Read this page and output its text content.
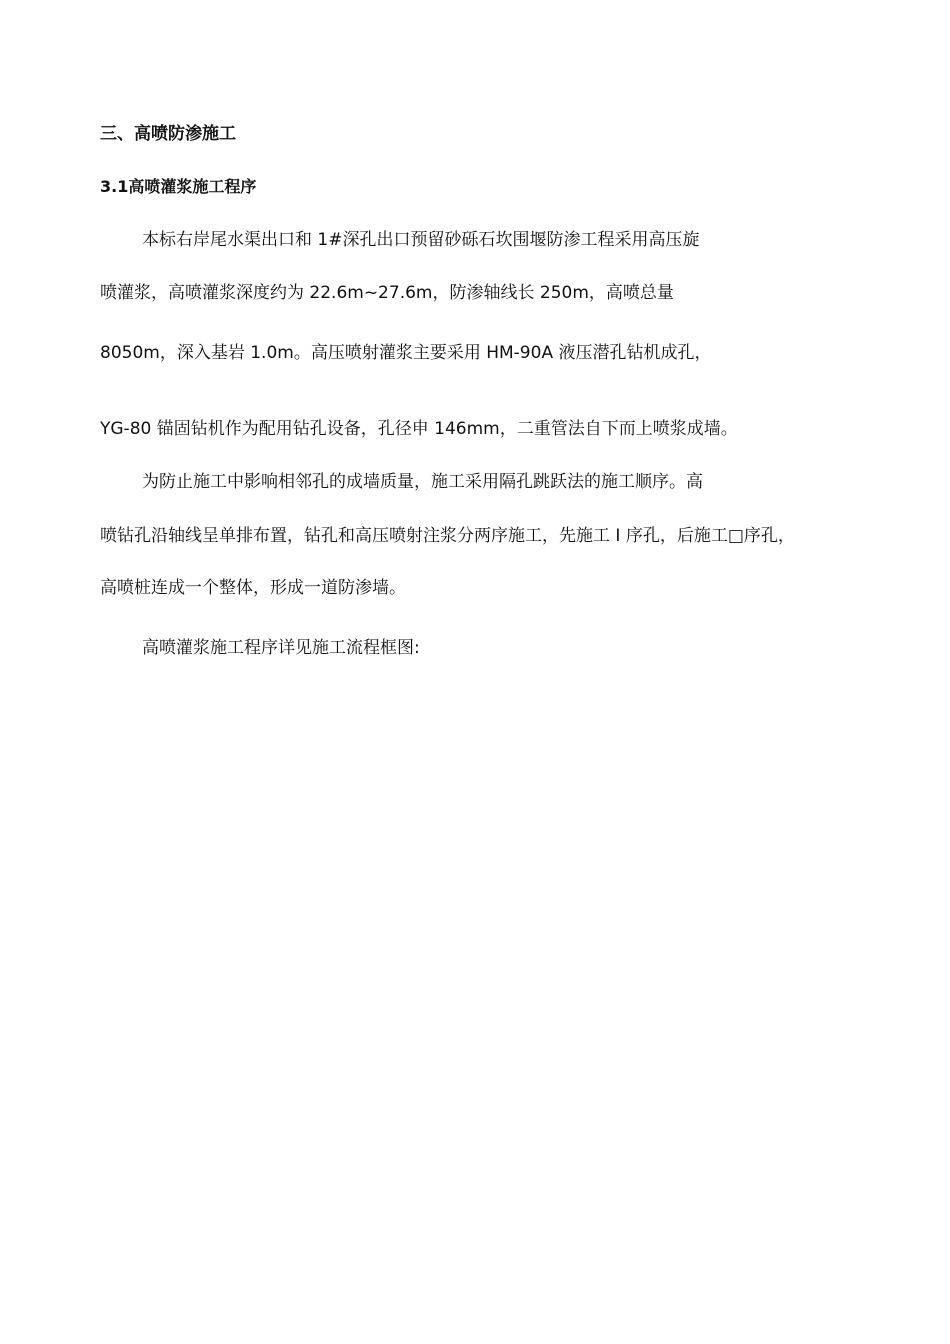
三、高喷防渗施工
3.1高喷灌浆施工程序
本标右岸尾水渠出口和 1#深孔出口预留砂砾石坎围堰防渗工程采用高压旋
喷灌浆，高喷灌浆深度约为 22.6m~27.6m，防渗轴线长 250m，高喷总量
8050m，深入基岩 1.0m。高压喷射灌浆主要采用 HM-90A 液压潜孔钻机成孔，
YG-80 锚固钻机作为配用钻孔设备，孔径申 146mm，二重管法自下而上喷浆成墙。
为防止施工中影响相邻孔的成墙质量，施工采用隔孔跳跃法的施工顺序。高
喷钻孔沿轴线呈单排布置，钻孔和高压喷射注浆分两序施工，先施工 I 序孔，后施工□序孔，
高喷桩连成一个整体，形成一道防渗墙。
高喷灌浆施工程序详见施工流程框图:
